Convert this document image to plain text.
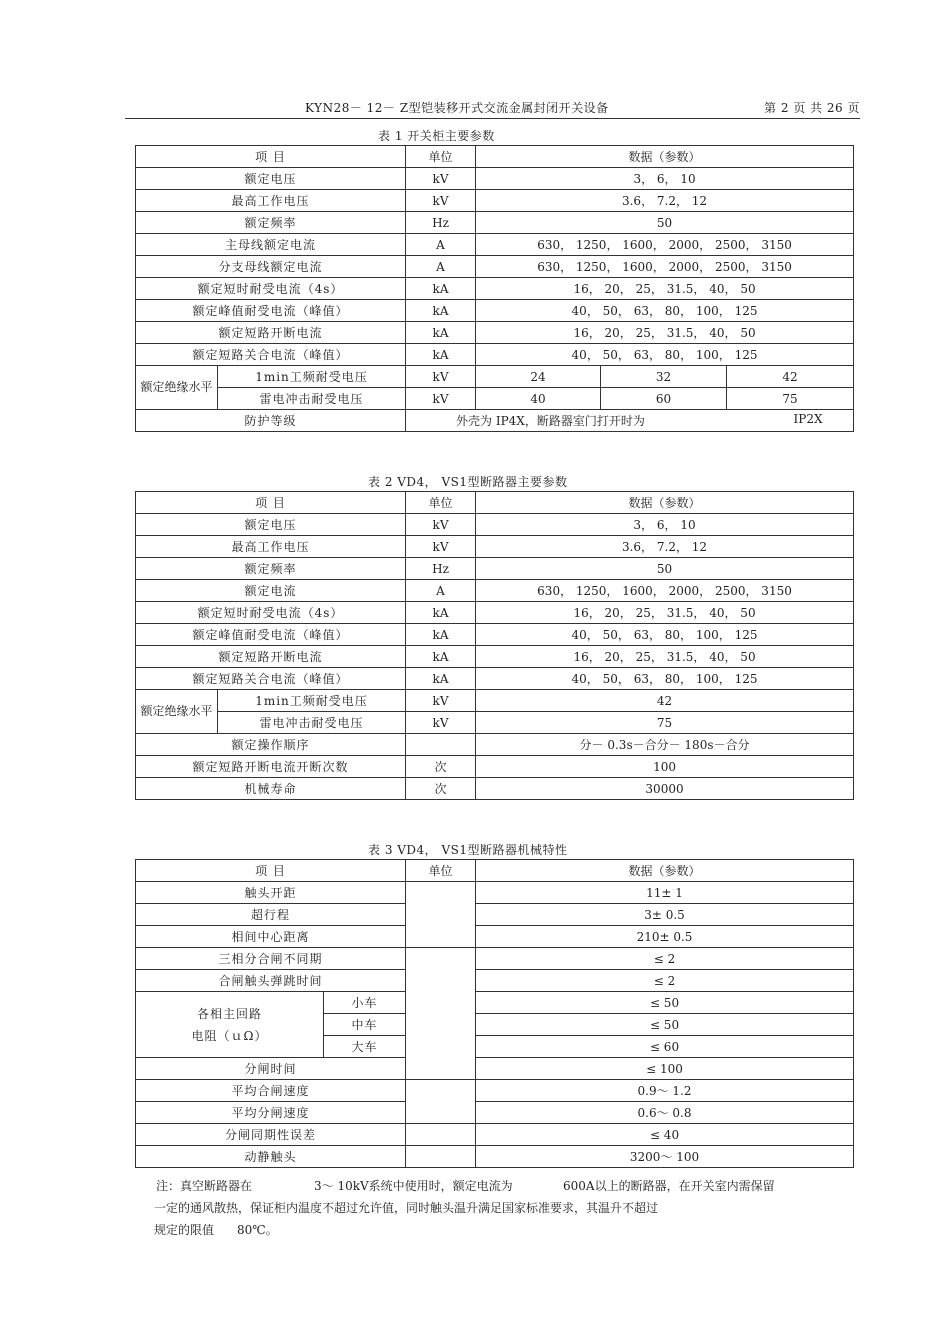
KYN28－ 12－ Z型铠装移开式交流金属封闭开关设备	第 2 页 共 26 页
表 1 开关柜主要参数
项 目		单位	数据（参数）		
额定电压		kV	3， 6， 10		
最高工作电压		kV	3.6， 7.2， 12		
额定频率		Hz	50		
主母线额定电流		A	630， 1250， 1600， 2000， 2500， 3150		
分支母线额定电流		A	630， 1250， 1600， 2000， 2500， 3150		
额定短时耐受电流（4s）		kA	16， 20， 25， 31.5， 40， 50		
额定峰值耐受电流（峰值）		kA	40， 50， 63， 80， 100， 125		
额定短路开断电流		kA	16， 20， 25， 31.5， 40， 50		
额定短路关合电流（峰值）		kA	40， 50， 63， 80， 100， 125		
额定绝缘水平	1min工频耐受电压	kV	24	32	42
	雷电冲击耐受电压	kV	40	60	75
防护等级		外壳为 IP4X，断路器室门打开时为 IP2X			
表 2 VD4， VS1型断路器主要参数
项 目		单位	数据（参数）
额定电压		kV	3， 6， 10
最高工作电压		kV	3.6， 7.2， 12
额定频率		Hz	50
额定电流		A	630， 1250， 1600， 2000， 2500， 3150
额定短时耐受电流（4s）		kA	16， 20， 25， 31.5， 40， 50
额定峰值耐受电流（峰值）		kA	40， 50， 63， 80， 100， 125
额定短路开断电流		kA	16， 20， 25， 31.5， 40， 50
额定短路关合电流（峰值）		kA	40， 50， 63， 80， 100， 125
额定绝缘水平	1min工频耐受电压	kV	42
	雷电冲击耐受电压	kV	75
额定操作顺序			分－ 0.3s－合分－ 180s－合分
额定短路开断电流开断次数		次	100
机械寿命		次	30000
表 3 VD4， VS1型断路器机械特性
项 目		单位	数据（参数）
触头开距			11± 1
超行程			3± 0.5
相间中心距离			210± 0.5
三相分合闸不同期			≤ 2
合闸触头弹跳时间			≤ 2

各相主回路
电阻（ｕΩ）	小车		≤ 50
	中车		≤ 50
	大车		≤ 60
分闸时间			≤ 100
平均合闸速度			0.9～ 1.2
平均分闸速度			0.6～ 0.8
分闸同期性误差			≤ 40
动静触头			3200～ 100
注：真空断路器在	3～ 10kV系统中使用时，额定电流为	600A以上的断路器，在开关室内需保留
一定的通风散热，保证柜内温度不超过允许值，同时触头温升满足国家标准要求，其温升不超过
规定的限值 80℃。
